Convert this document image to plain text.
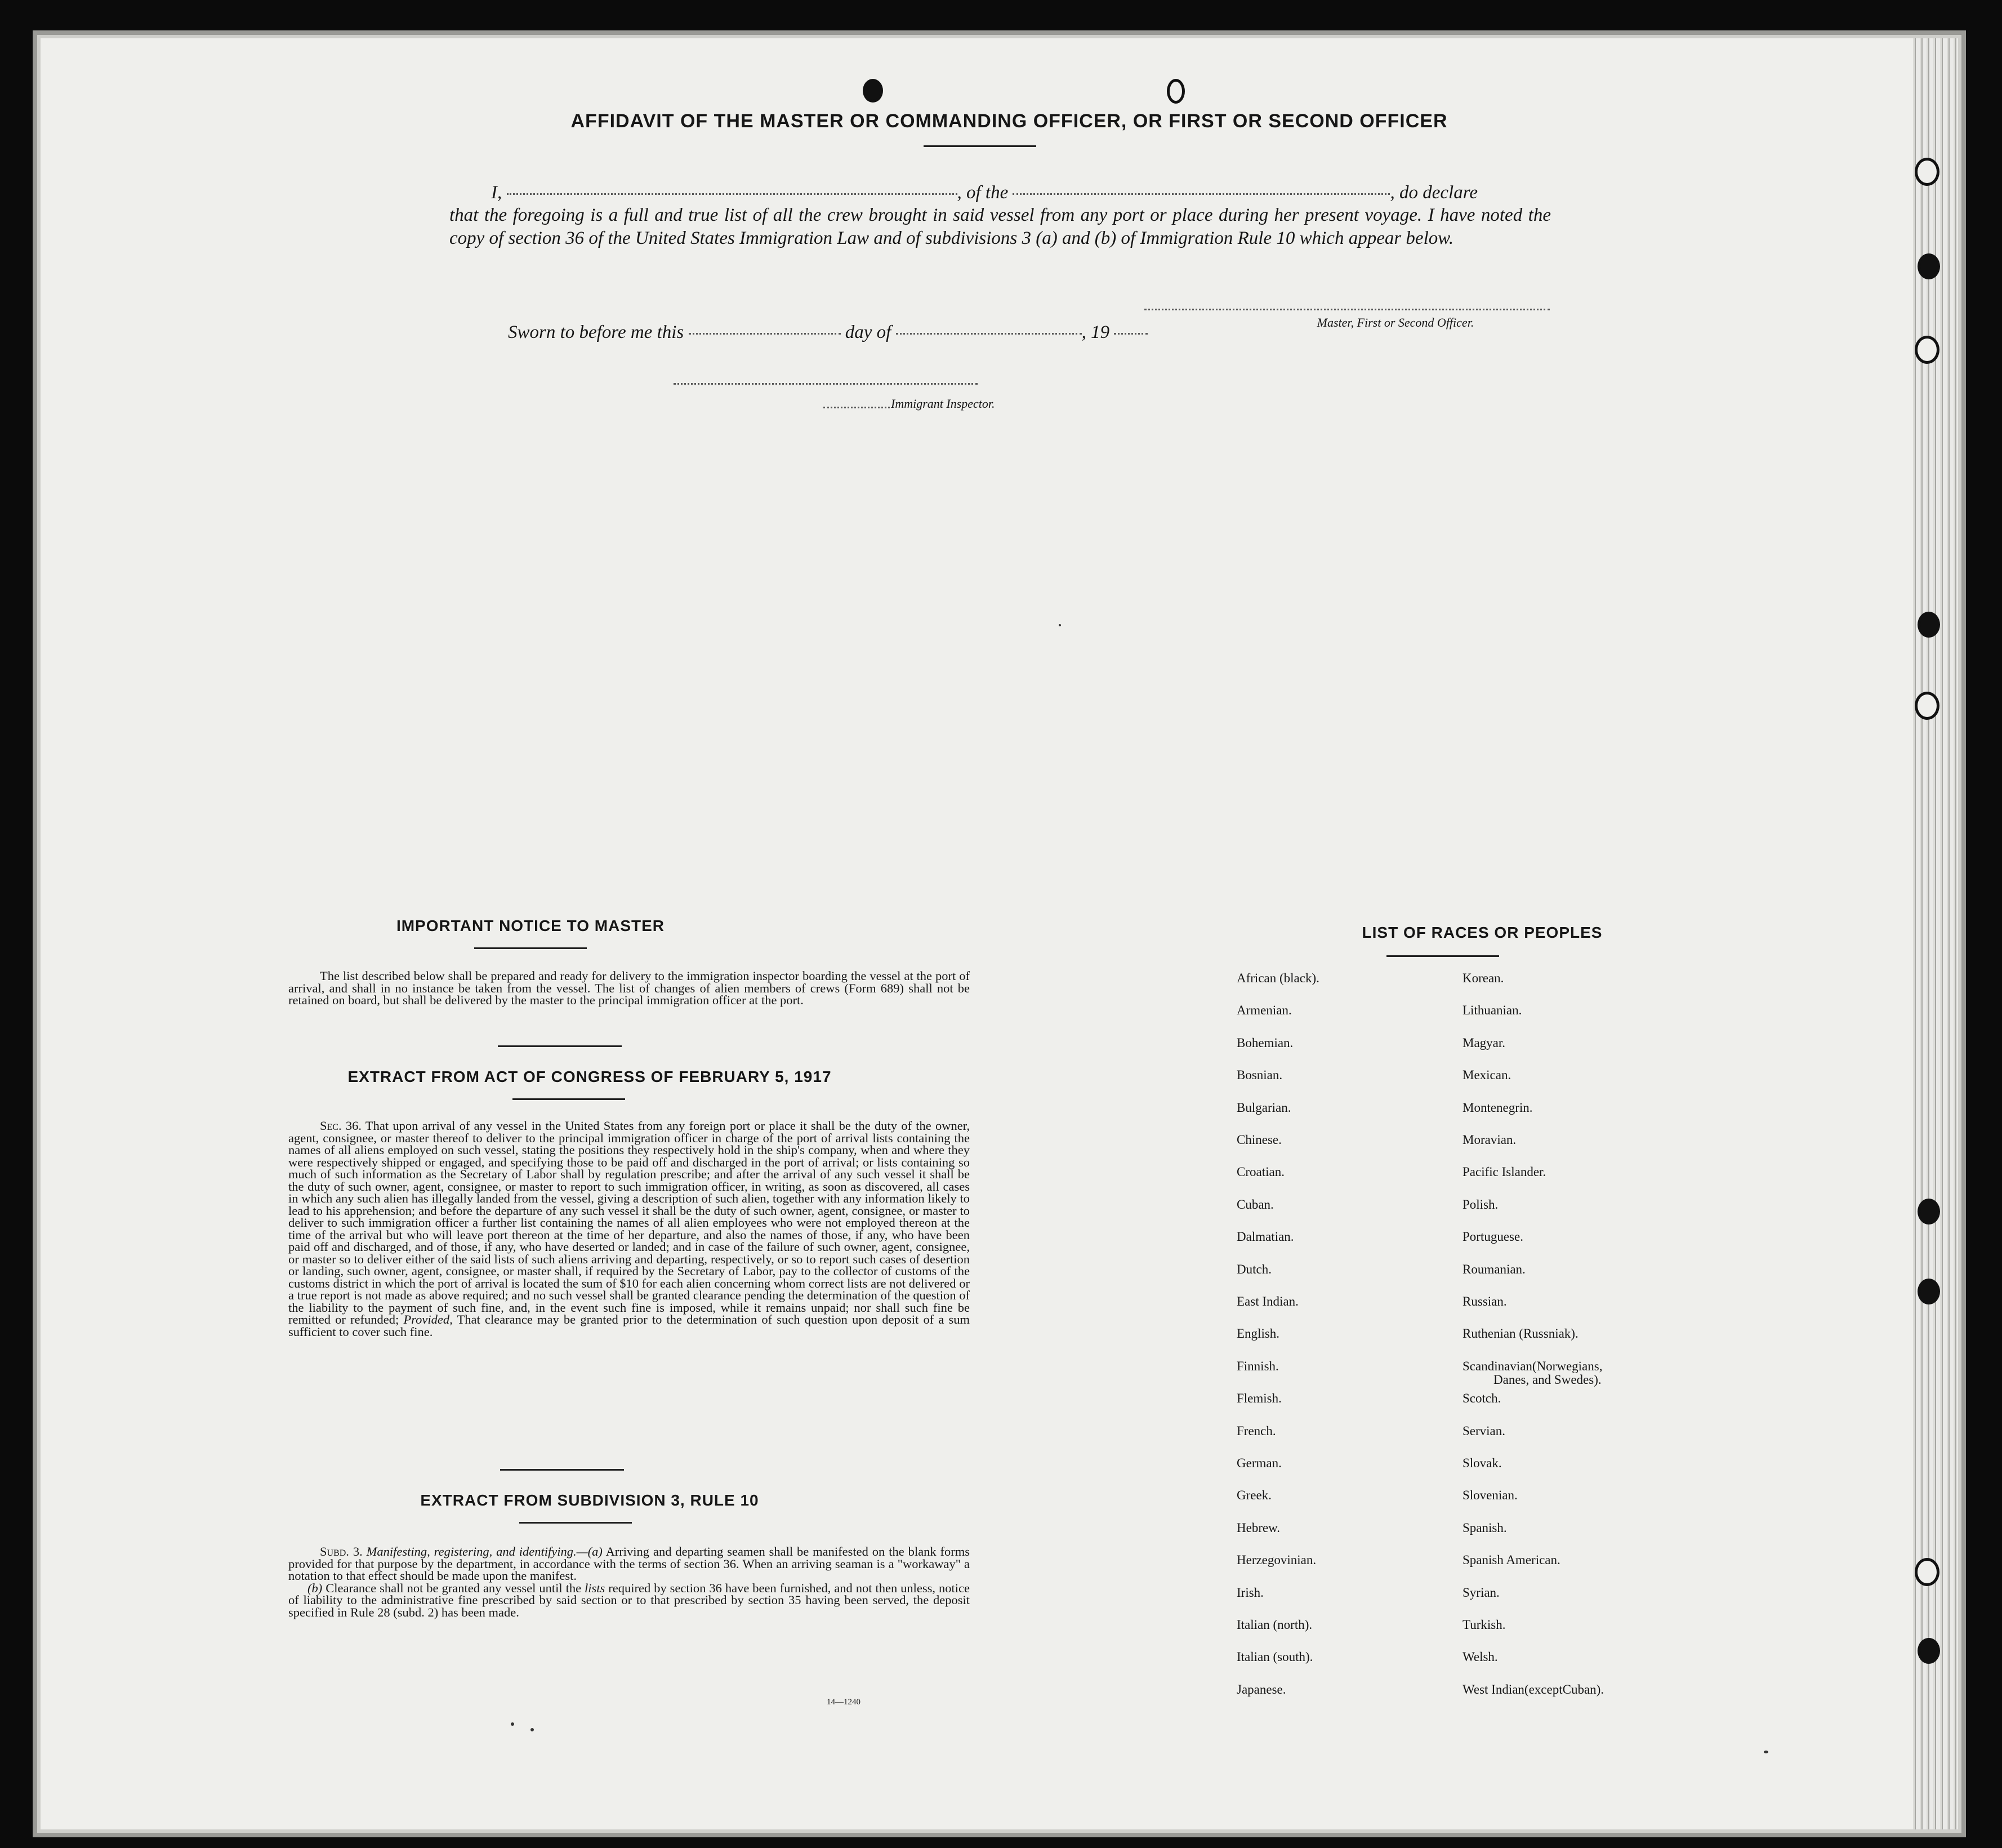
AFFIDAVIT OF THE MASTER OR COMMANDING OFFICER, OR FIRST OR SECOND OFFICER
I,	, of the	, do declare
that the foregoing is a full and true list of all the crew brought in said vessel from any port or place during her present voyage. I have noted the copy of section 36 of the United States Immigration Law and of subdivisions 3 (a) and (b) of Immigration Rule 10 which appear below.
Master, First or Second Officer.
Sworn to before me this	day of	, 19
Immigrant Inspector.
IMPORTANT NOTICE TO MASTER
The list described below shall be prepared and ready for delivery to the immigration inspector boarding the vessel at the port of arrival, and shall in no instance be taken from the vessel. The list of changes of alien members of crews (Form 689) shall not be retained on board, but shall be delivered by the master to the principal immigration officer at the port.
EXTRACT FROM ACT OF CONGRESS OF FEBRUARY 5, 1917
Sec. 36. That upon arrival of any vessel in the United States from any foreign port or place it shall be the duty of the owner, agent, consignee, or master thereof to deliver to the principal immigration officer in charge of the port of arrival lists containing the names of all aliens employed on such vessel, stating the positions they respectively hold in the ship's company, when and where they were respectively shipped or engaged, and specifying those to be paid off and discharged in the port of arrival; or lists containing so much of such information as the Secretary of Labor shall by regulation prescribe; and after the arrival of any such vessel it shall be the duty of such owner, agent, consignee, or master to report to such immigration officer, in writing, as soon as discovered, all cases in which any such alien has illegally landed from the vessel, giving a description of such alien, together with any information likely to lead to his apprehension; and before the departure of any such vessel it shall be the duty of such owner, agent, consignee, or master to deliver to such immigration officer a further list containing the names of all alien employees who were not employed thereon at the time of the arrival but who will leave port thereon at the time of her departure, and also the names of those, if any, who have been paid off and discharged, and of those, if any, who have deserted or landed; and in case of the failure of such owner, agent, consignee, or master so to deliver either of the said lists of such aliens arriving and departing, respectively, or so to report such cases of desertion or landing, such owner, agent, consignee, or master shall, if required by the Secretary of Labor, pay to the collector of customs of the customs district in which the port of arrival is located the sum of $10 for each alien concerning whom correct lists are not delivered or a true report is not made as above required; and no such vessel shall be granted clearance pending the determination of the question of the liability to the payment of such fine, and, in the event such fine is imposed, while it remains unpaid; nor shall such fine be remitted or refunded; Provided, That clearance may be granted prior to the determination of such question upon deposit of a sum sufficient to cover such fine.
EXTRACT FROM SUBDIVISION 3, RULE 10
Subd. 3. Manifesting, registering, and identifying.—(a) Arriving and departing seamen shall be manifested on the blank forms provided for that purpose by the department, in accordance with the terms of section 36. When an arriving seaman is a "workaway" a notation to that effect should be made upon the manifest.
(b) Clearance shall not be granted any vessel until the lists required by section 36 have been furnished, and not then unless, notice of liability to the administrative fine prescribed by said section or to that prescribed by section 35 having been served, the deposit specified in Rule 28 (subd. 2) has been made.
14—1240
LIST OF RACES OR PEOPLES
African (black).
Armenian.
Bohemian.
Bosnian.
Bulgarian.
Chinese.
Croatian.
Cuban.
Dalmatian.
Dutch.
East Indian.
English.
Finnish.
Flemish.
French.
German.
Greek.
Hebrew.
Herzegovinian.
Irish.
Italian (north).
Italian (south).
Japanese.
Korean.
Lithuanian.
Magyar.
Mexican.
Montenegrin.
Moravian.
Pacific Islander.
Polish.
Portuguese.
Roumanian.
Russian.
Ruthenian (Russniak).
Scandinavian(Norwegians,
Danes, and Swedes).
Scotch.
Servian.
Slovak.
Slovenian.
Spanish.
Spanish American.
Syrian.
Turkish.
Welsh.
West Indian(exceptCuban).
